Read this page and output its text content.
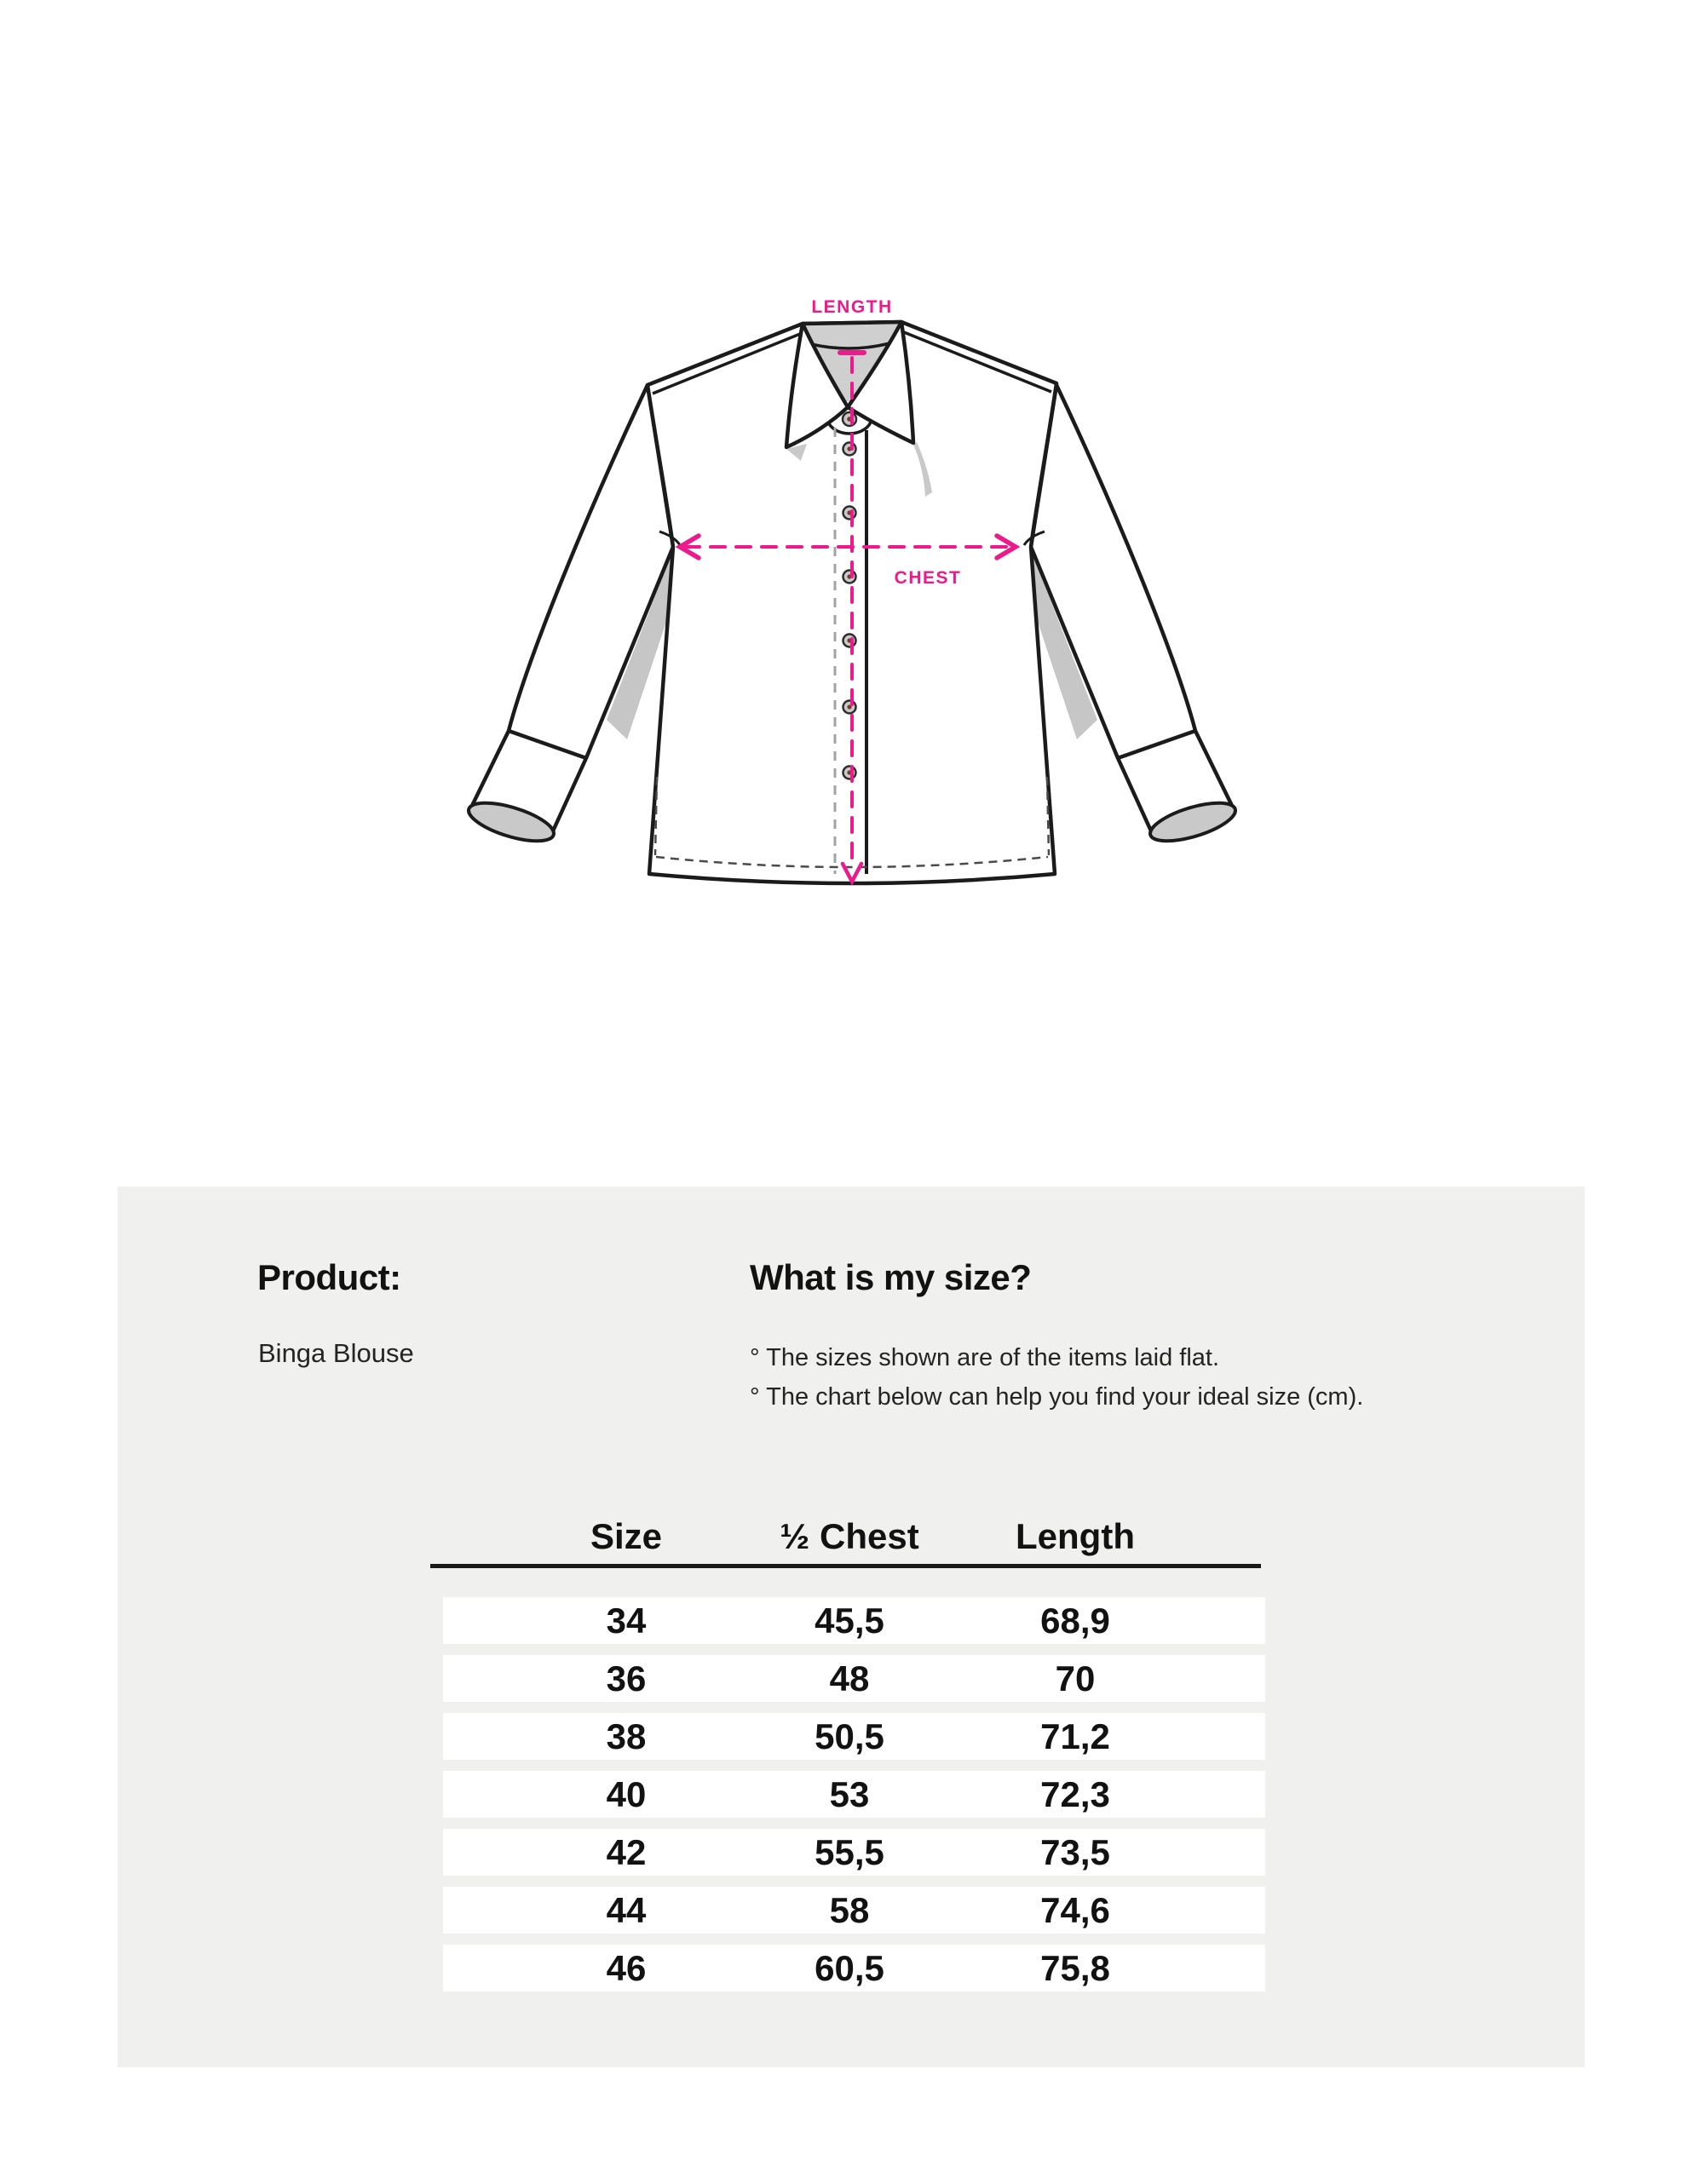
LENGTH
CHEST
Product:
Binga Blouse
What is my size?
° The sizes shown are of the items laid flat.
° The chart below can help you find your ideal size (cm).
Size	½ Chest	Length
34	45,5	68,9
36	48	70
38	50,5	71,2
40	53	72,3
42	55,5	73,5
44	58	74,6
46	60,5	75,8
